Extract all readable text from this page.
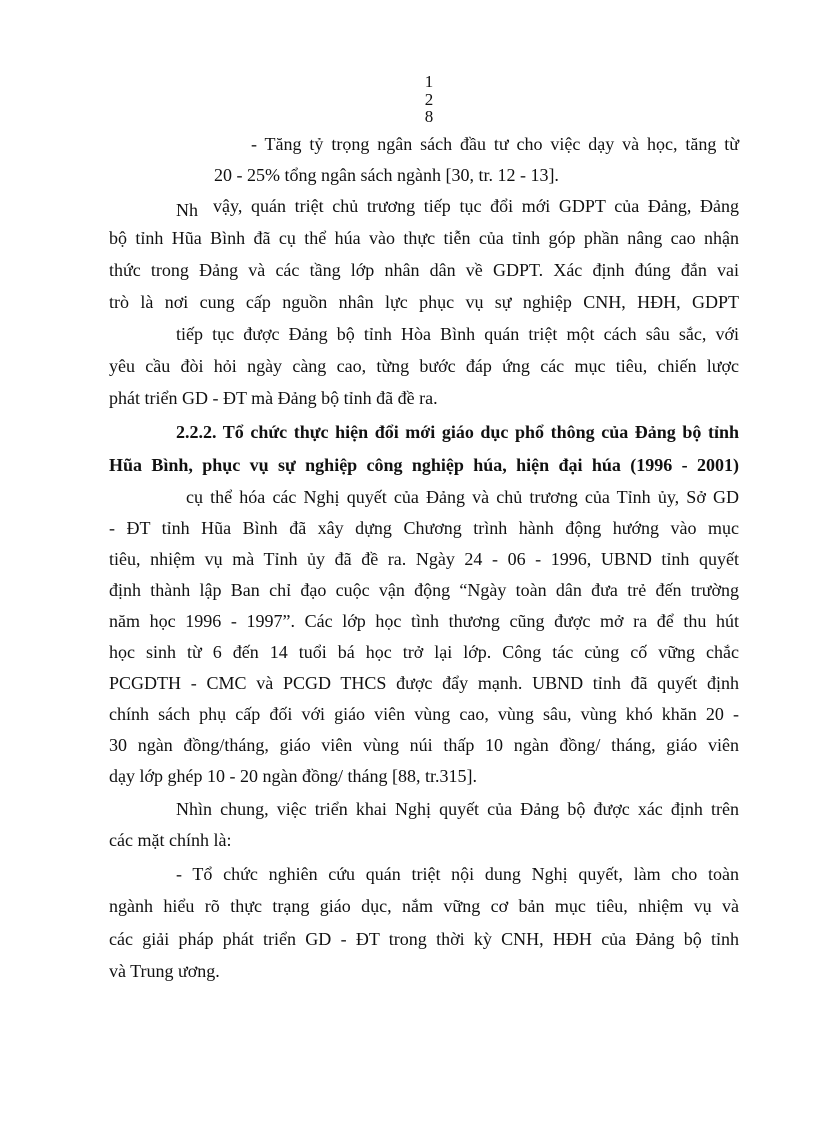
1
2
8
- Tăng tỷ trọng ngân sách đầu tư cho việc dạy và học, tăng từ
20 - 25% tổng ngân sách ngành [30, tr. 12 - 13].
Nh vậy, quán triệt chủ trương tiếp tục đổi mới GDPT của Đảng, Đảng
bộ tỉnh Hũa Bình đã cụ thể húa vào thực tiễn của tỉnh góp phần nâng cao nhận
thức trong Đảng và các tầng lớp nhân dân về GDPT. Xác định đúng đắn vai
trò là nơi cung cấp nguồn nhân lực phục vụ sự nghiệp CNH, HĐH, GDPT
tiếp tục được Đảng bộ tỉnh Hòa Bình quán triệt một cách sâu sắc, với
yêu cầu đòi hỏi ngày càng cao, từng bước đáp ứng các mục tiêu, chiến lược
phát triển GD - ĐT mà Đảng bộ tỉnh đã đề ra.
2.2.2. Tổ chức thực hiện đổi mới giáo dục phổ thông của Đảng bộ tỉnh
Hũa Bình, phục vụ sự nghiệp công nghiệp húa, hiện đại húa (1996 - 2001)
cụ thể hóa các Nghị quyết của Đảng và chủ trương của Tỉnh ủy, Sở GD
- ĐT tỉnh Hũa Bình đã xây dựng Chương trình hành động hướng vào mục
tiêu, nhiệm vụ mà Tỉnh ủy đã đề ra. Ngày 24 - 06 - 1996, UBND tỉnh quyết
định thành lập Ban chỉ đạo cuộc vận động “Ngày toàn dân đưa trẻ đến trường
năm học 1996 - 1997”. Các lớp học tình thương cũng được mở ra để thu hút
học sinh từ 6 đến 14 tuổi bá học trở lại lớp. Công tác củng cố vững chắc
PCGDTH - CMC và PCGD THCS được đẩy mạnh. UBND tỉnh đã quyết định
chính sách phụ cấp đối với giáo viên vùng cao, vùng sâu, vùng khó khăn 20 -
30 ngàn đồng/tháng, giáo viên vùng núi thấp 10 ngàn đồng/ tháng, giáo viên
dạy lớp ghép 10 - 20 ngàn đồng/ tháng [88, tr.315].
Nhìn chung, việc triển khai Nghị quyết của Đảng bộ được xác định trên
các mặt chính là:
- Tổ chức nghiên cứu quán triệt nội dung Nghị quyết, làm cho toàn
ngành hiểu rõ thực trạng giáo dục, nắm vững cơ bản mục tiêu, nhiệm vụ và
các giải pháp phát triển GD - ĐT trong thời kỳ CNH, HĐH của Đảng bộ tỉnh
và Trung ương.
